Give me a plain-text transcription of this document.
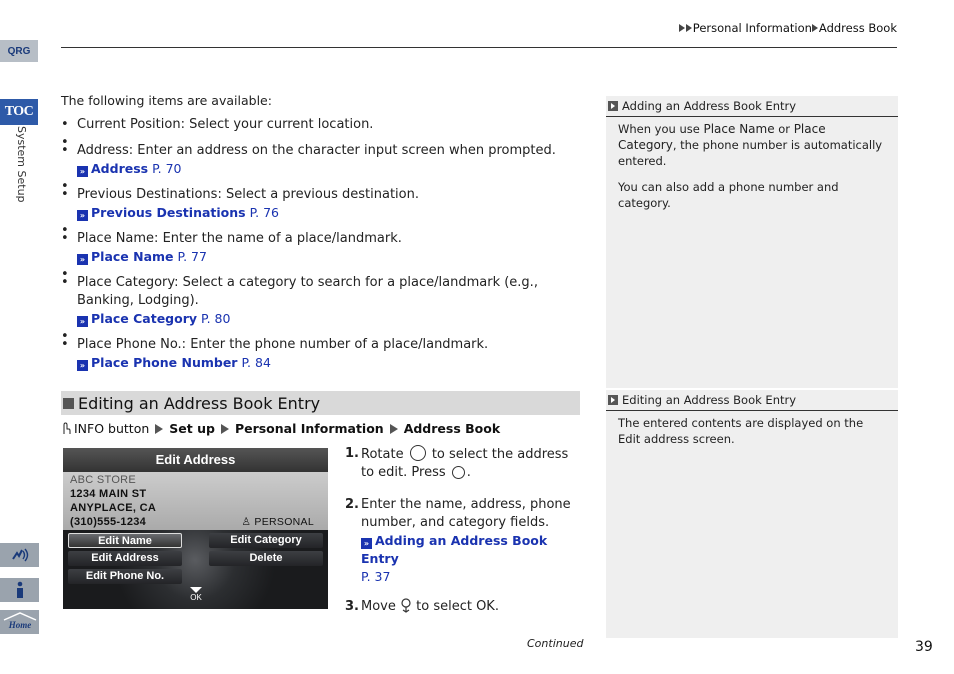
Personal Information Address Book
QRG
TOC
System Setup
Home
The following items are available:
• Current Position: Select your current location.
•
• Address: Enter an address on the character input screen when prompted.
» Address P. 70
•
• Previous Destinations: Select a previous destination.
» Previous Destinations P. 76
•
• Place Name: Enter the name of a place/landmark.
» Place Name P. 77
•
• Place Category: Select a category to search for a place/landmark (e.g., Banking, Lodging).
» Place Category P. 80
•
• Place Phone No.: Enter the phone number of a place/landmark.
» Place Phone Number P. 84
Editing an Address Book Entry
INFO button Set up Personal Information Address Book
Edit Address
ABC STORE
1234 MAIN ST
ANYPLACE, CA
(310)555-1234	♙ PERSONAL
Edit Name
Edit Address
Edit Phone No.
Edit Category
Delete
OK
1. Rotate  to select the address to edit. Press .
2. Enter the name, address, phone number, and category fields.
» Adding an Address Book Entry
P. 37
3. Move  to select OK.
Adding an Address Book Entry

When you use Place Name or Place Category, the phone number is automatically entered.

You can also add a phone number and category.

Editing an Address Book Entry

The entered contents are displayed on the Edit address screen.

Continued	39
